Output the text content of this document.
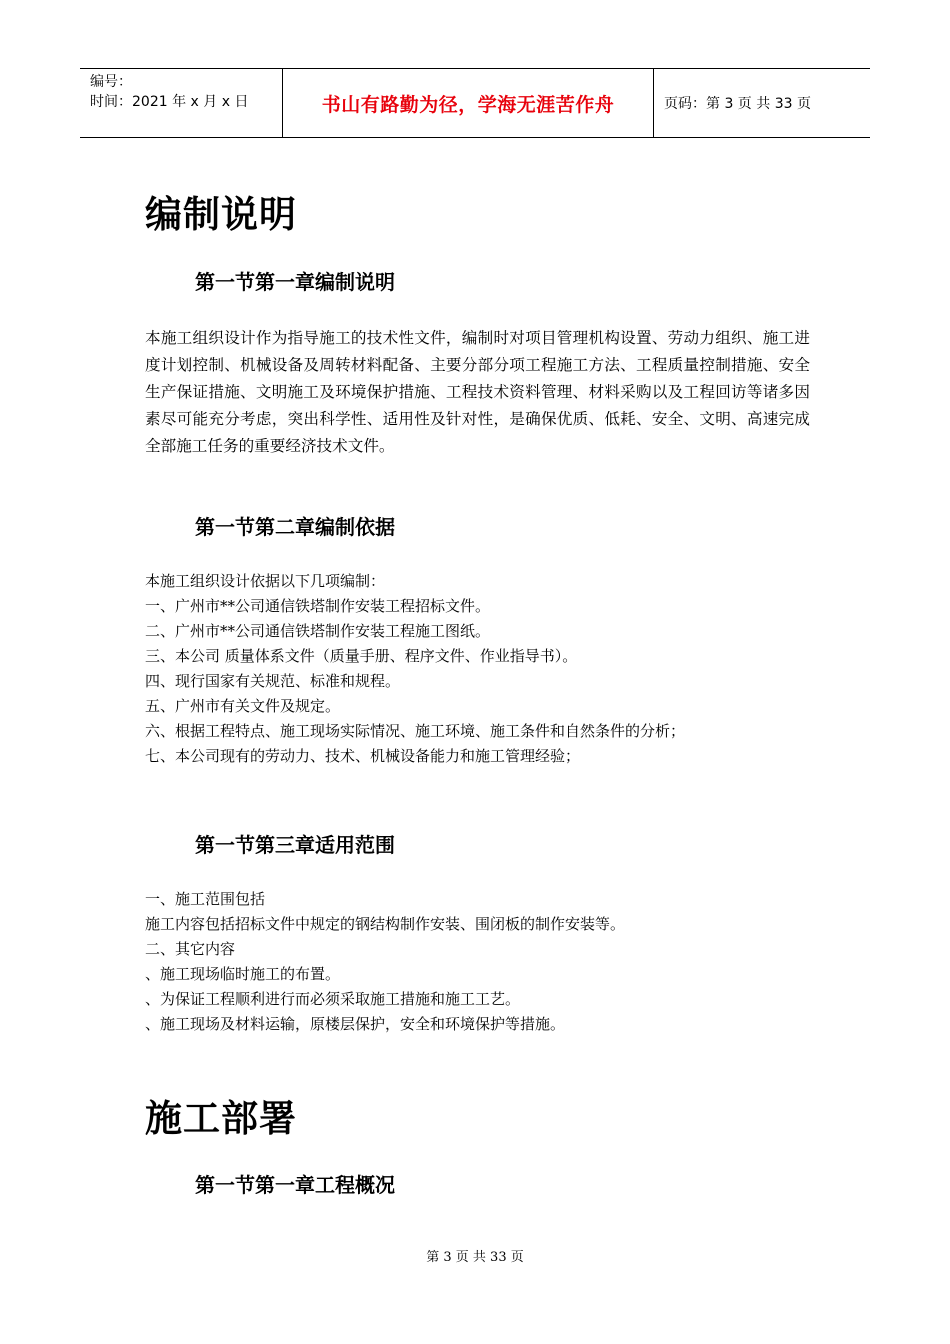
编号：
时间：2021 年 x 月 x 日	书山有路勤为径，学海无涯苦作舟	页码：第 3 页 共 33 页
编制说明
第一节第一章编制说明
本施工组织设计作为指导施工的技术性文件，编制时对项目管理机构设置、劳动力组织、施工进度计划控制、机械设备及周转材料配备、主要分部分项工程施工方法、工程质量控制措施、安全生产保证措施、文明施工及环境保护措施、工程技术资料管理、材料采购以及工程回访等诸多因素尽可能充分考虑，突出科学性、适用性及针对性，是确保优质、低耗、安全、文明、高速完成全部施工任务的重要经济技术文件。
第一节第二章编制依据
本施工组织设计依据以下几项编制：
一、广州市**公司通信铁塔制作安装工程招标文件。
二、广州市**公司通信铁塔制作安装工程施工图纸。
三、本公司 质量体系文件（质量手册、程序文件、作业指导书）。
四、现行国家有关规范、标准和规程。
五、广州市有关文件及规定。
六、根据工程特点、施工现场实际情况、施工环境、施工条件和自然条件的分析；
七、本公司现有的劳动力、技术、机械设备能力和施工管理经验；
第一节第三章适用范围
一、施工范围包括
施工内容包括招标文件中规定的钢结构制作安装、围闭板的制作安装等。
二、其它内容
、施工现场临时施工的布置。
、为保证工程顺利进行而必须采取施工措施和施工工艺。
、施工现场及材料运输，原楼层保护，安全和环境保护等措施。
施工部署
第一节第一章工程概况
第 3 页 共 33 页
